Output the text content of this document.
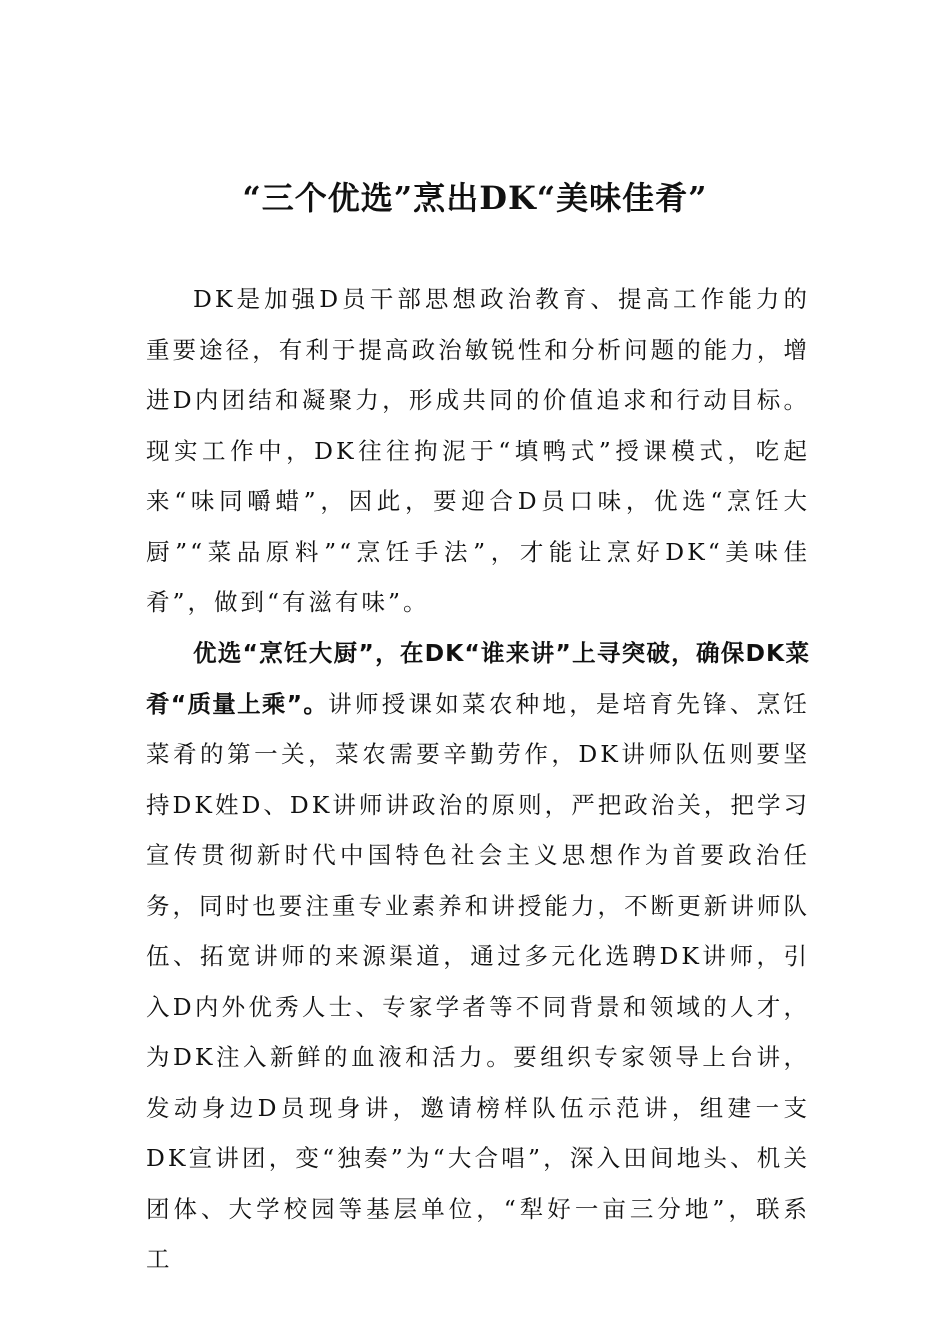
“三个优选”烹出DK“美味佳肴”

DK是加强D员干部思想政治教育、提高工作能力的重要途径，有利于提高政治敏锐性和分析问题的能力，增进D内团结和凝聚力，形成共同的价值追求和行动目标。现实工作中，DK往往拘泥于“填鸭式”授课模式，吃起来“味同嚼蜡”，因此，要迎合D员口味，优选“烹饪大厨”“菜品原料”“烹饪手法”，才能让烹好DK“美味佳肴”，做到“有滋有味”。

优选“烹饪大厨”，在DK“谁来讲”上寻突破，确保DK菜肴“质量上乘”。讲师授课如菜农种地，是培育先锋、烹饪菜肴的第一关，菜农需要辛勤劳作，DK讲师队伍则要坚持DK姓D、DK讲师讲政治的原则，严把政治关，把学习宣传贯彻新时代中国特色社会主义思想作为首要政治任务，同时也要注重专业素养和讲授能力，不断更新讲师队伍、拓宽讲师的来源渠道，通过多元化选聘DK讲师，引入D内外优秀人士、专家学者等不同背景和领域的人才，为DK注入新鲜的血液和活力。要组织专家领导上台讲，发动身边D员现身讲，邀请榜样队伍示范讲，组建一支DK宣讲团，变“独奏”为“大合唱”，深入田间地头、机关团体、大学校园等基层单位，“犁好一亩三分地”，联系工
